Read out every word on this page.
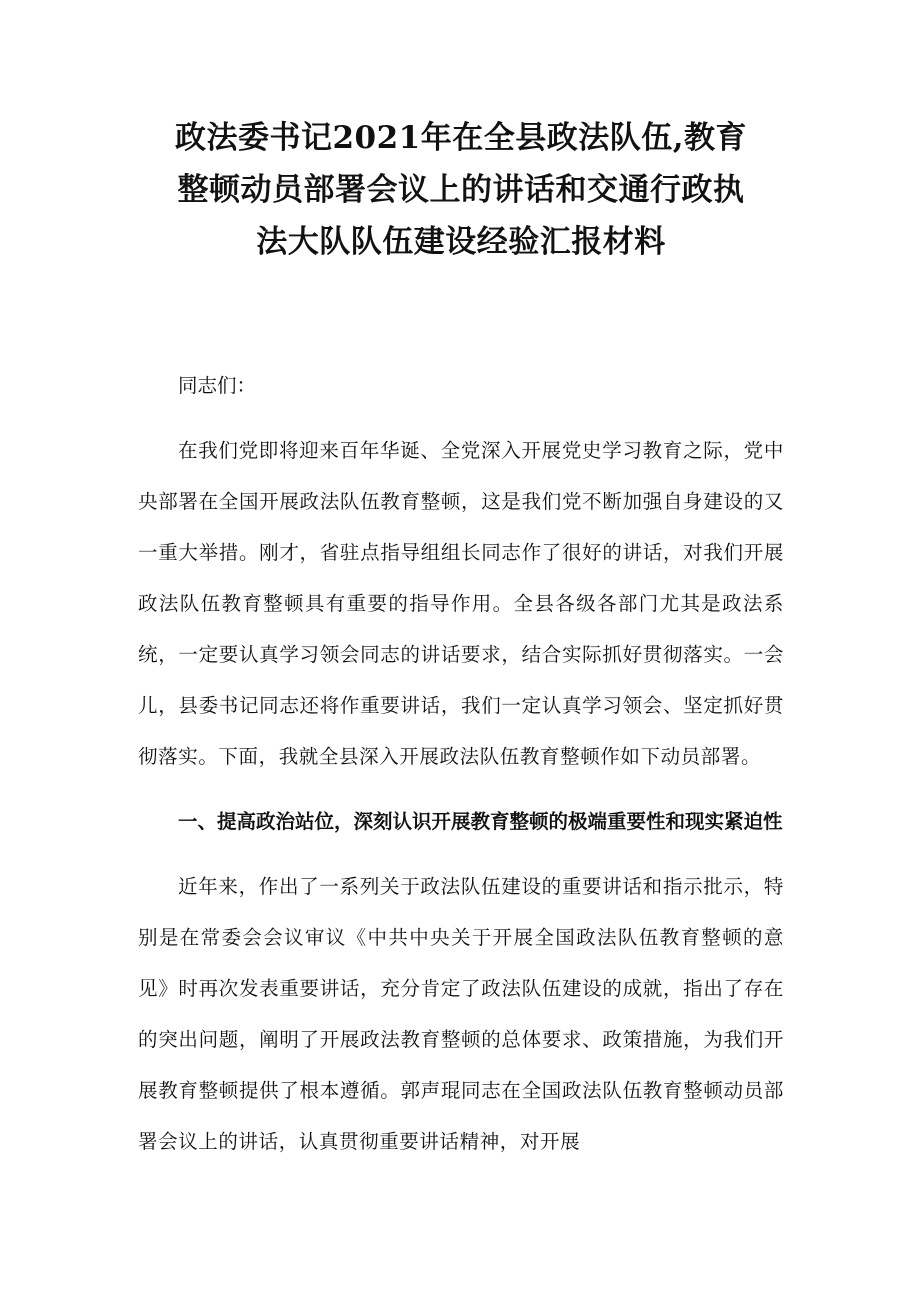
政法委书记2021年在全县政法队伍,教育
整顿动员部署会议上的讲话和交通行政执
法大队队伍建设经验汇报材料

同志们：

在我们党即将迎来百年华诞、全党深入开展党史学习教育之际，党中央部署在全国开展政法队伍教育整顿，这是我们党不断加强自身建设的又一重大举措。刚才，省驻点指导组组长同志作了很好的讲话，对我们开展政法队伍教育整顿具有重要的指导作用。全县各级各部门尤其是政法系统，一定要认真学习领会同志的讲话要求，结合实际抓好贯彻落实。一会儿，县委书记同志还将作重要讲话，我们一定认真学习领会、坚定抓好贯彻落实。下面，我就全县深入开展政法队伍教育整顿作如下动员部署。

一、提高政治站位，深刻认识开展教育整顿的极端重要性和现实紧迫性

近年来，作出了一系列关于政法队伍建设的重要讲话和指示批示，特别是在常委会会议审议《中共中央关于开展全国政法队伍教育整顿的意见》时再次发表重要讲话，充分肯定了政法队伍建设的成就，指出了存在的突出问题，阐明了开展政法教育整顿的总体要求、政策措施，为我们开展教育整顿提供了根本遵循。郭声琨同志在全国政法队伍教育整顿动员部署会议上的讲话，认真贯彻重要讲话精神，对开展
